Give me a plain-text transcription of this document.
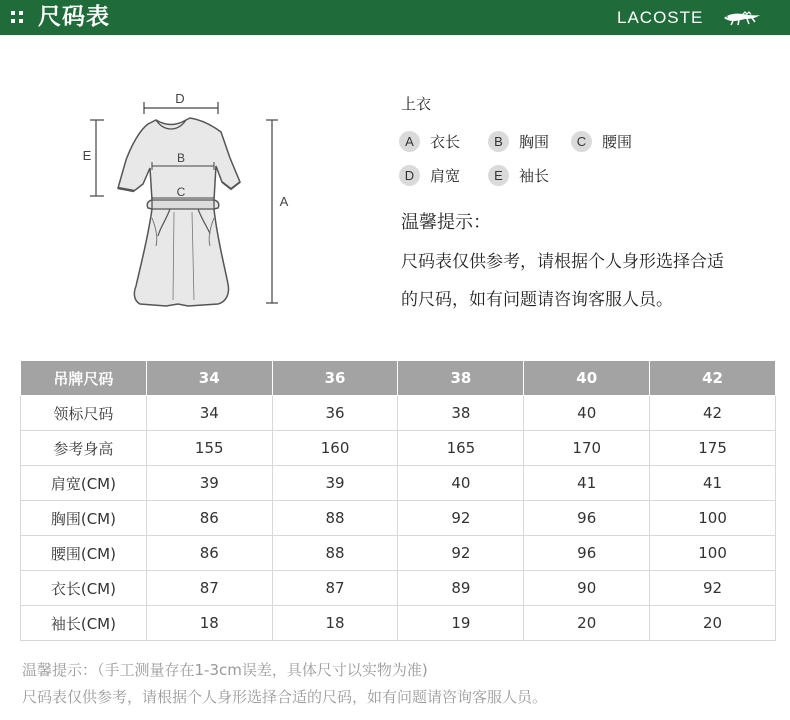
尺码表	LACOSTE
D
E
A
B
C
上衣
A	衣长	B	胸围	C	腰围
D	肩宽	E	袖长
温馨提示：
尺码表仅供参考，请根据个人身形选择合适
的尺码，如有问题请咨询客服人员。
吊牌尺码	34	36	38	40	42
领标尺码	34	36	38	40	42
参考身高	155	160	165	170	175
肩宽(CM)	39	39	40	41	41
胸围(CM)	86	88	92	96	100
腰围(CM)	86	88	92	96	100
衣长(CM)	87	87	89	90	92
袖长(CM)	18	18	19	20	20
温馨提示：（手工测量存在1-3cm误差，具体尺寸以实物为准)
尺码表仅供参考，请根据个人身形选择合适的尺码，如有问题请咨询客服人员。
